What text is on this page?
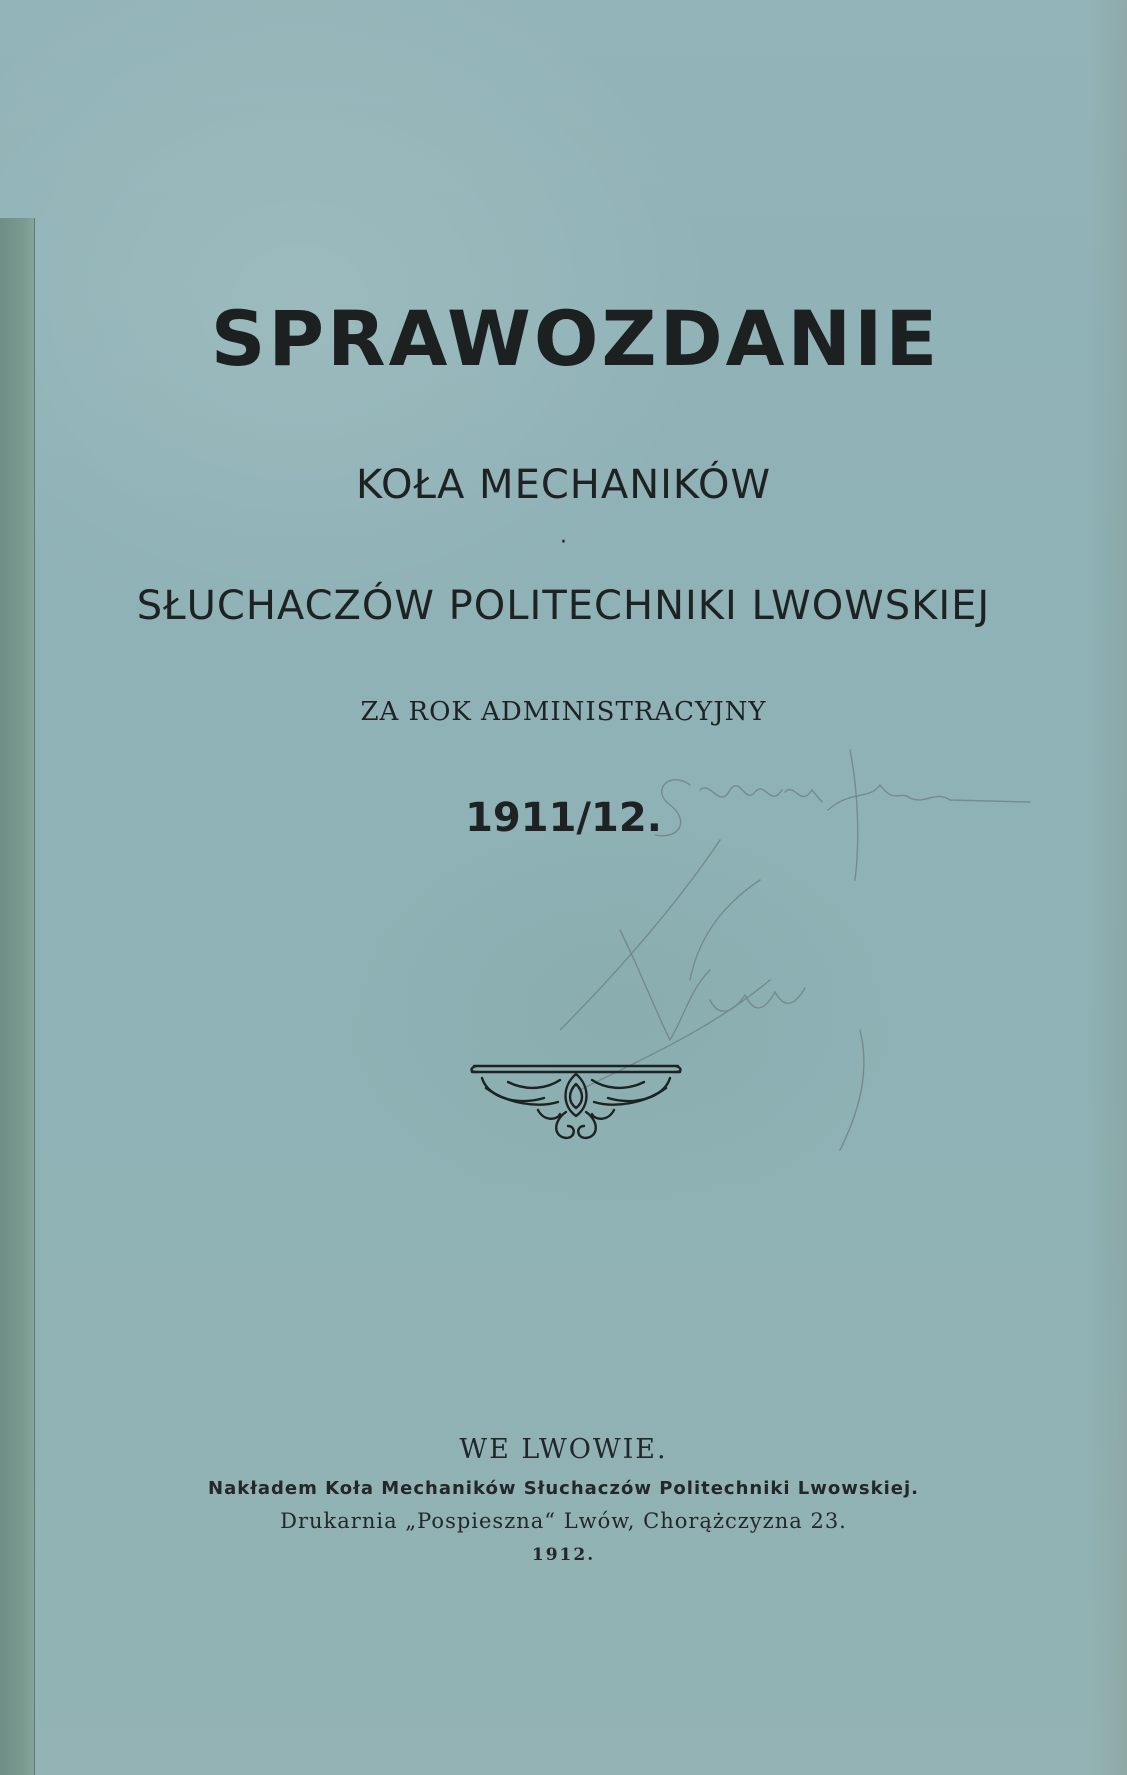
SPRAWOZDANIE
KOŁA MECHANIKÓW
·
SŁUCHACZÓW POLITECHNIKI LWOWSKIEJ
ZA ROK ADMINISTRACYJNY
1911/12.
WE LWOWIE.
Nakładem Koła Mechaników Słuchaczów Politechniki Lwowskiej.
Drukarnia „Pospieszna“ Lwów, Chorążczyzna 23.
1912.
